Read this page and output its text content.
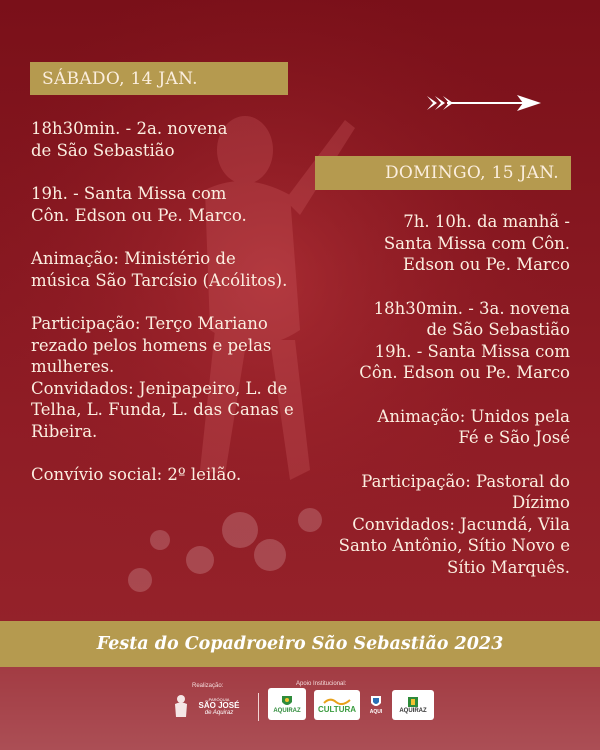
SÁBADO, 14 JAN.
DOMINGO, 15 JAN.

18h30min. - 2a. novena
de São Sebastião

19h. - Santa Missa com
Côn. Edson ou Pe. Marco.

Animação: Ministério de
música São Tarcísio (Acólitos).

Participação: Terço Mariano
rezado pelos homens e pelas
mulheres.

Convidados: Jenipapeiro, L. de
Telha, L. Funda, L. das Canas e
Ribeira.

Convívio social: 2º leilão.

7h. 10h. da manhã -
Santa Missa com Côn.
Edson ou Pe. Marco

18h30min. - 3a. novena
de São Sebastião

19h. - Santa Missa com
Côn. Edson ou Pe. Marco

Animação: Unidos pela
Fé e São José

Participação: Pastoral do
Dízimo

Convidados: Jacundá, Vila
Santo Antônio, Sítio Novo e
Sítio Marquês.

Festa do Copadroeiro São Sebastião 2023
Realização:
PARÓQUIA
SÃO JOSÉ
de Aquiraz
Apoio Institucional:
AQUIRAZ CULTURA	AQUI	AQUIRAZ
